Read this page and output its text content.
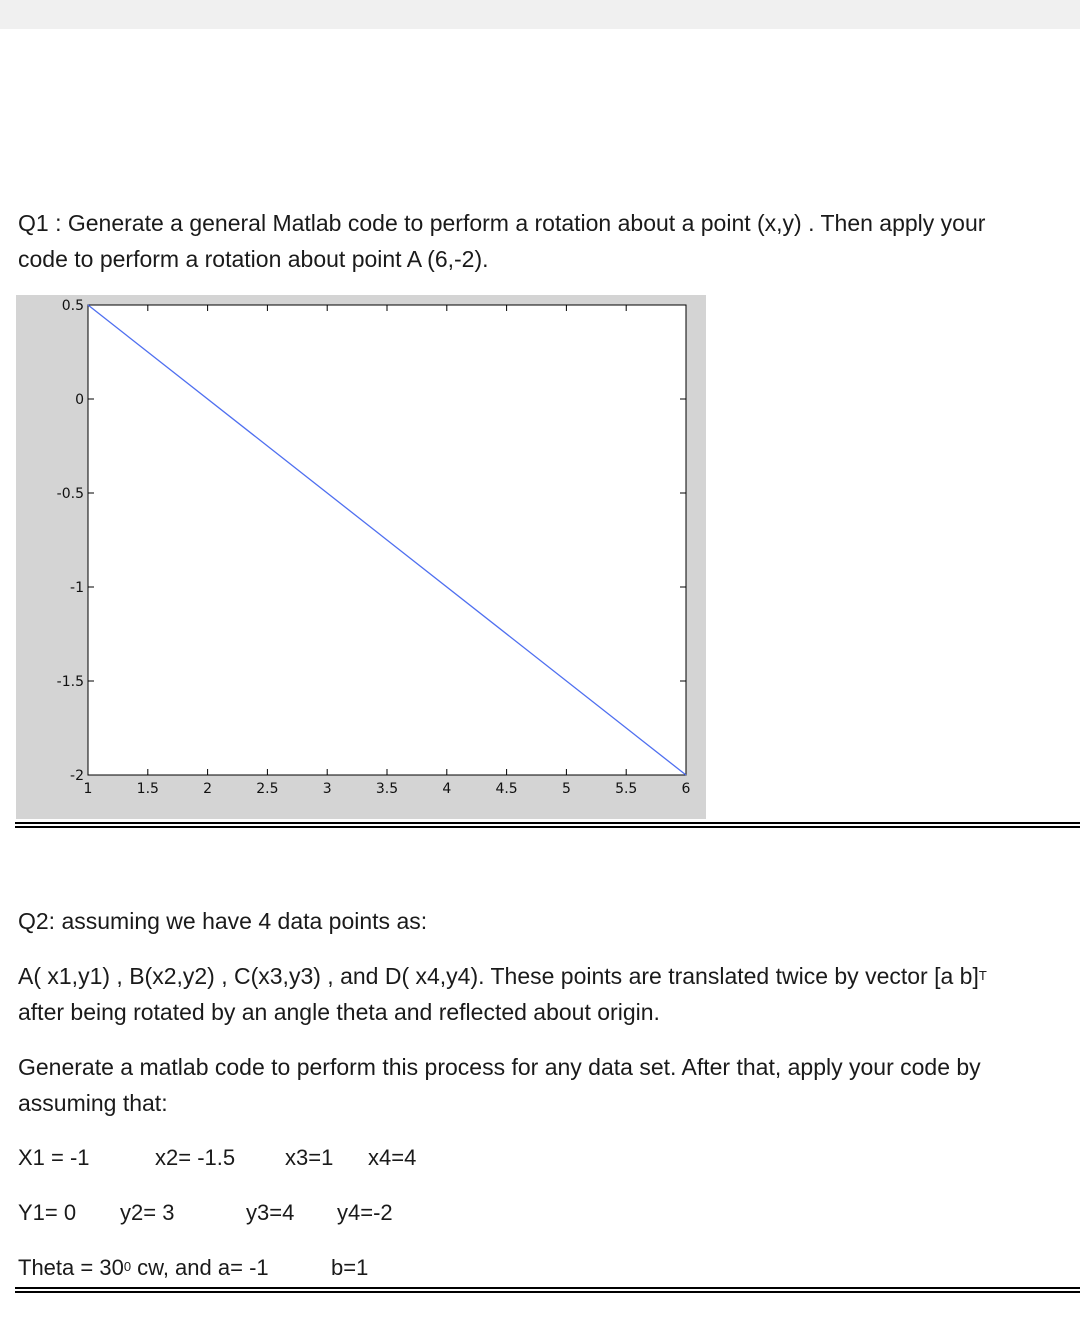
Q1 : Generate a general Matlab code to perform a rotation about a point (x,y) . Then apply your

code to perform a rotation about point A (6,-2).

1	1.5	2	2.5	3	3.5	4	4.5	5	5.5	6
0.5
0
-0.5
-1
-1.5
-2

Q2: assuming we have 4 data points as:

A( x1,y1) , B(x2,y2) , C(x3,y3) , and D( x4,y4). These points are translated twice by vector [a b]$^T$

after being rotated by an angle theta and reflected about origin.

Generate a matlab code to perform this process for any data set. After that, apply your code by

assuming that:

X1 = -1	x2= -1.5 x3=1 x4=4
Y1= 0 y2= 3	y3=4 y4=-2
Theta = $30^0$ cw, and a= -1	b=1
